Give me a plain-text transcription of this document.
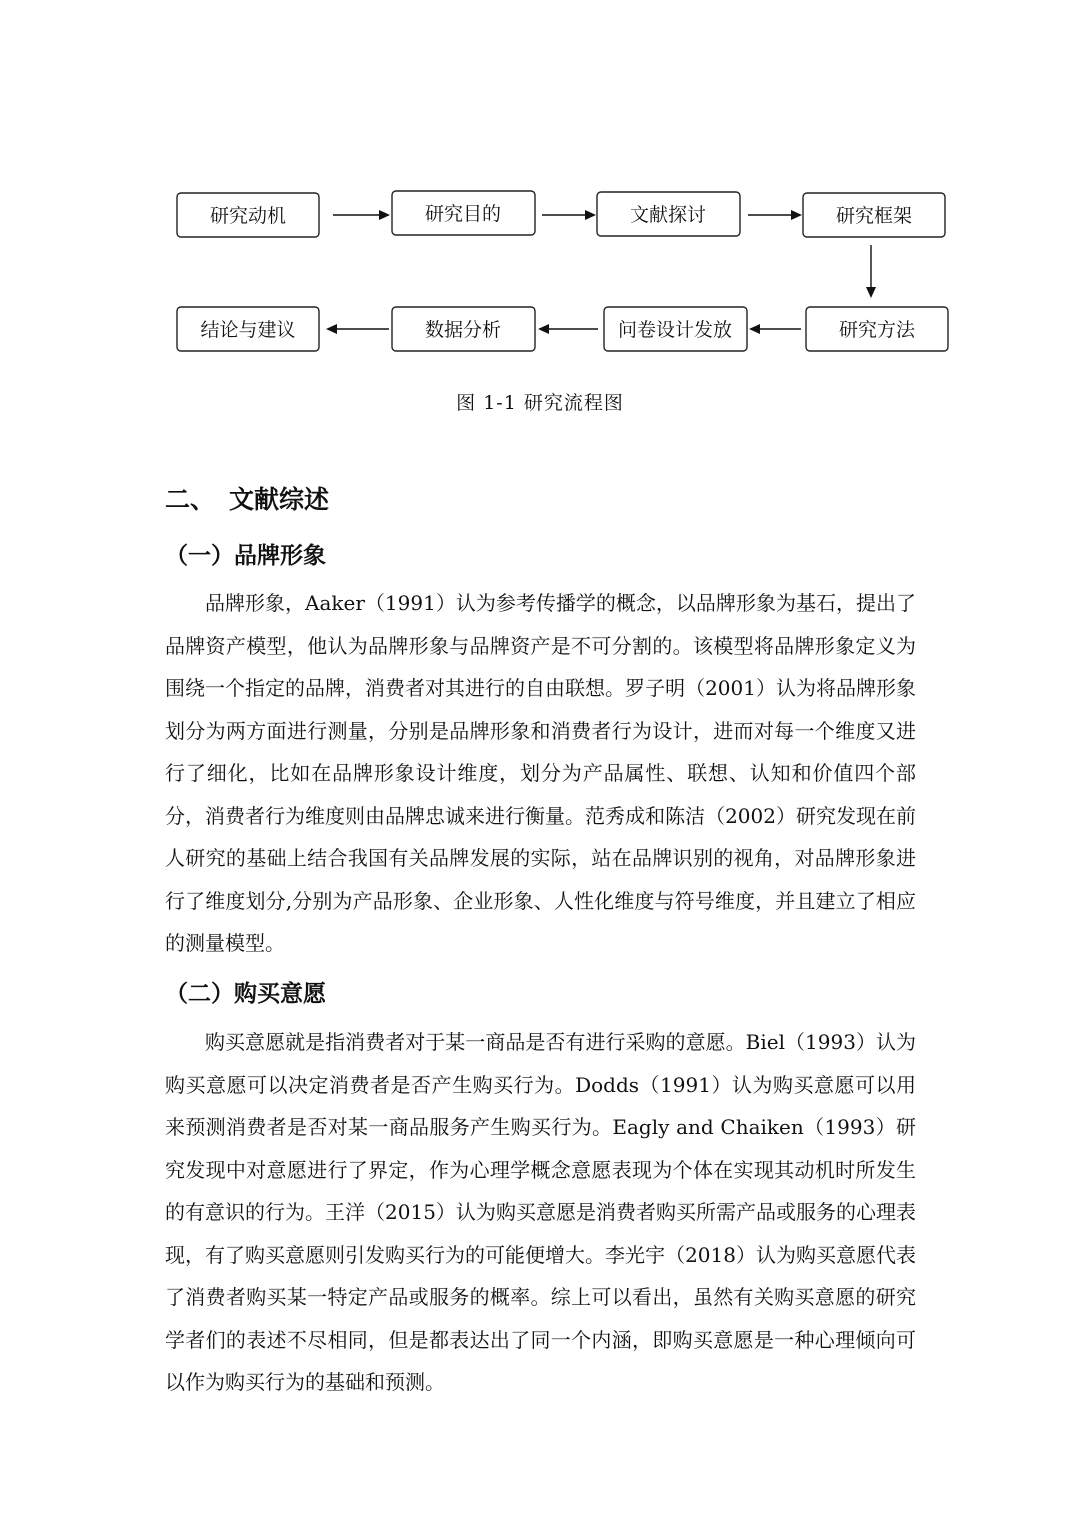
研究动机	研究目的	文献探讨	研究框架
研究方法
问卷设计发放
数据分析
结论与建议
图 1-1 研究流程图
二、 文献综述
（一）品牌形象

品牌形象，Aaker（1991）认为参考传播学的概念，以品牌形象为基石，提出了品牌资产模型，他认为品牌形象与品牌资产是不可分割的。该模型将品牌形象定义为围绕一个指定的品牌，消费者对其进行的自由联想。罗子明（2001）认为将品牌形象划分为两方面进行测量，分别是品牌形象和消费者行为设计，进而对每一个维度又进行了细化，比如在品牌形象设计维度，划分为产品属性、联想、认知和价值四个部分，消费者行为维度则由品牌忠诚来进行衡量。范秀成和陈洁（2002）研究发现在前人研究的基础上结合我国有关品牌发展的实际，站在品牌识别的视角，对品牌形象进行了维度划分,分别为产品形象、企业形象、人性化维度与符号维度，并且建立了相应的测量模型。

（二）购买意愿

购买意愿就是指消费者对于某一商品是否有进行采购的意愿。Biel（1993）认为购买意愿可以决定消费者是否产生购买行为。Dodds（1991）认为购买意愿可以用来预测消费者是否对某一商品服务产生购买行为。Eagly and Chaiken（1993）研究发现中对意愿进行了界定，作为心理学概念意愿表现为个体在实现其动机时所发生的有意识的行为。王洋（2015）认为购买意愿是消费者购买所需产品或服务的心理表现，有了购买意愿则引发购买行为的可能便增大。李光宇（2018）认为购买意愿代表了消费者购买某一特定产品或服务的概率。综上可以看出，虽然有关购买意愿的研究学者们的表述不尽相同，但是都表达出了同一个内涵，即购买意愿是一种心理倾向可以作为购买行为的基础和预测。
